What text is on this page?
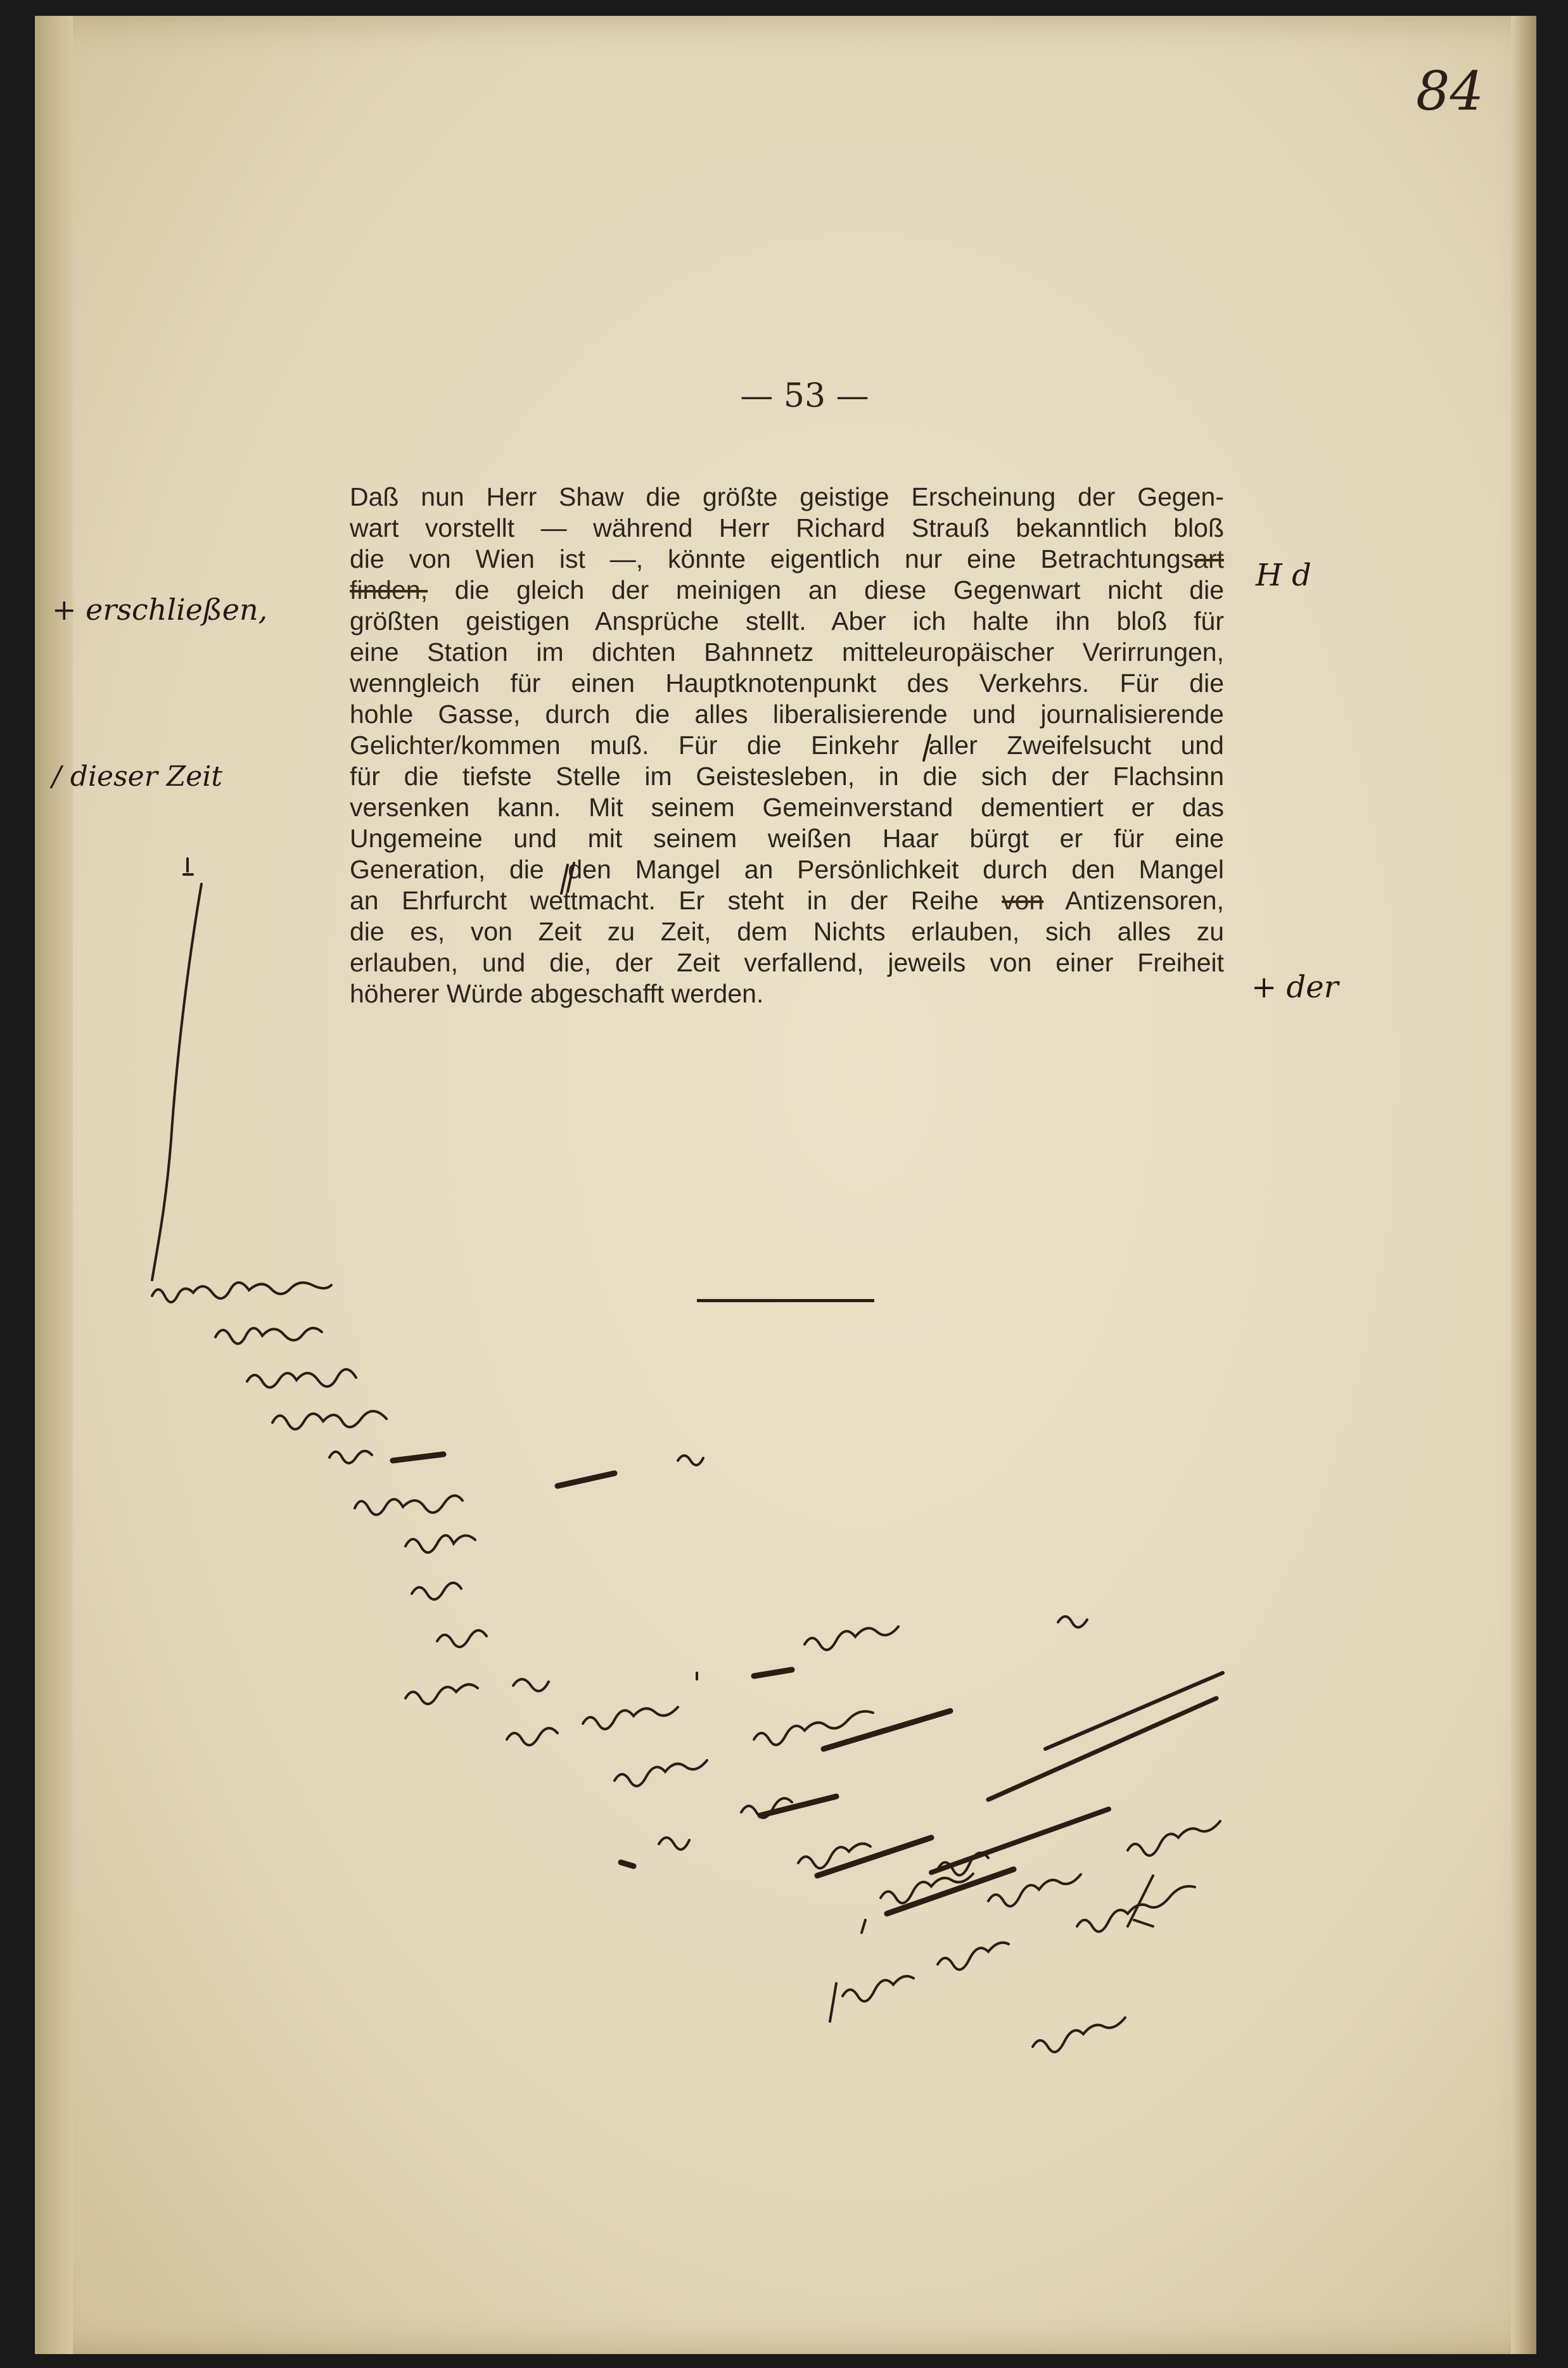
84
— 53 —
Daß nun Herr Shaw die größte geistige Erscheinung der Gegen-
wart vorstellt — während Herr Richard Strauß bekanntlich bloß
die von Wien ist —, könnte eigentlich nur eine Betrachtungsart
finden, die gleich der meinigen an diese Gegenwart nicht die
größten geistigen Ansprüche stellt. Aber ich halte ihn bloß für
eine Station im dichten Bahnnetz mitteleuropäischer Verirrungen,
wenngleich für einen Hauptknotenpunkt des Verkehrs. Für die
hohle Gasse, durch die alles liberalisierende und journalisierende
Gelichter/kommen muß. Für die Einkehr aller Zweifelsucht und
für die tiefste Stelle im Geistesleben, in die sich der Flachsinn
versenken kann. Mit seinem Gemeinverstand dementiert er das
Ungemeine und mit seinem weißen Haar bürgt er für eine
Generation, die den Mangel an Persönlichkeit durch den Mangel
an Ehrfurcht wettmacht. Er steht in der Reihe von Antizensoren,
die es, von Zeit zu Zeit, dem Nichts erlauben, sich alles zu
erlauben, und die, der Zeit verfallend, jeweils von einer Freiheit
höherer Würde abgeschafft werden.
+ erschließen,
/ dieser Zeit
H d
+ der
